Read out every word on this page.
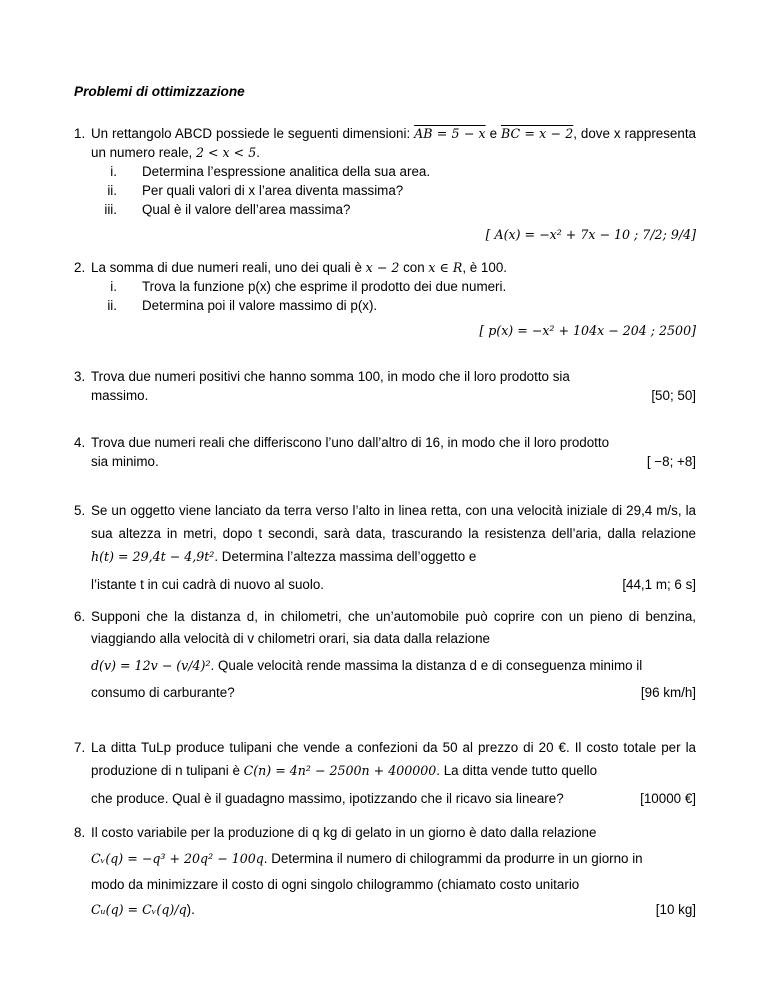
Problemi di ottimizzazione
1. Un rettangolo ABCD possiede le seguenti dimensioni: AB = 5 − x e BC = x − 2, dove x rappresenta un numero reale, 2 < x < 5.
i. Determina l’espressione analitica della sua area.
ii. Per quali valori di x l’area diventa massima?
iii. Qual è il valore dell’area massima?
[ A(x) = −x² + 7x − 10 ; 7/2; 9/4]
2. La somma di due numeri reali, uno dei quali è x − 2 con x ∈ R, è 100.
i. Trova la funzione p(x) che esprime il prodotto dei due numeri.
ii. Determina poi il valore massimo di p(x).
[ p(x) = −x² + 104x − 204 ; 2500]
3. Trova due numeri positivi che hanno somma 100, in modo che il loro prodotto sia
massimo.	[50; 50]
4. Trova due numeri reali che differiscono l’uno dall’altro di 16, in modo che il loro prodotto
sia minimo.	[ −8; +8]
5. Se un oggetto viene lanciato da terra verso l’alto in linea retta, con una velocità iniziale di 29,4 m/s, la sua altezza in metri, dopo t secondi, sarà data, trascurando la resistenza dell’aria, dalla relazione h(t) = 29,4t − 4,9t². Determina l’altezza massima dell’oggetto e
l’istante t in cui cadrà di nuovo al suolo.	[44,1 m; 6 s]
6. Supponi che la distanza d, in chilometri, che un’automobile può coprire con un pieno di benzina, viaggiando alla velocità di v chilometri orari, sia data dalla relazione
d(v) = 12v − (v/4)². Quale velocità rende massima la distanza d e di conseguenza minimo il
consumo di carburante?	[96 km/h]
7. La ditta TuLp produce tulipani che vende a confezioni da 50 al prezzo di 20 €. Il costo totale per la produzione di n tulipani è C(n) = 4n² − 2500n + 400000. La ditta vende tutto quello
che produce. Qual è il guadagno massimo, ipotizzando che il ricavo sia lineare?	[10000 €]
8. Il costo variabile per la produzione di q kg di gelato in un giorno è dato dalla relazione
Cᵥ(q) = −q³ + 20q² − 100q. Determina il numero di chilogrammi da produrre in un giorno in
modo da minimizzare il costo di ogni singolo chilogrammo (chiamato costo unitario
Cᵤ(q) = Cᵥ(q)/q).	[10 kg]
